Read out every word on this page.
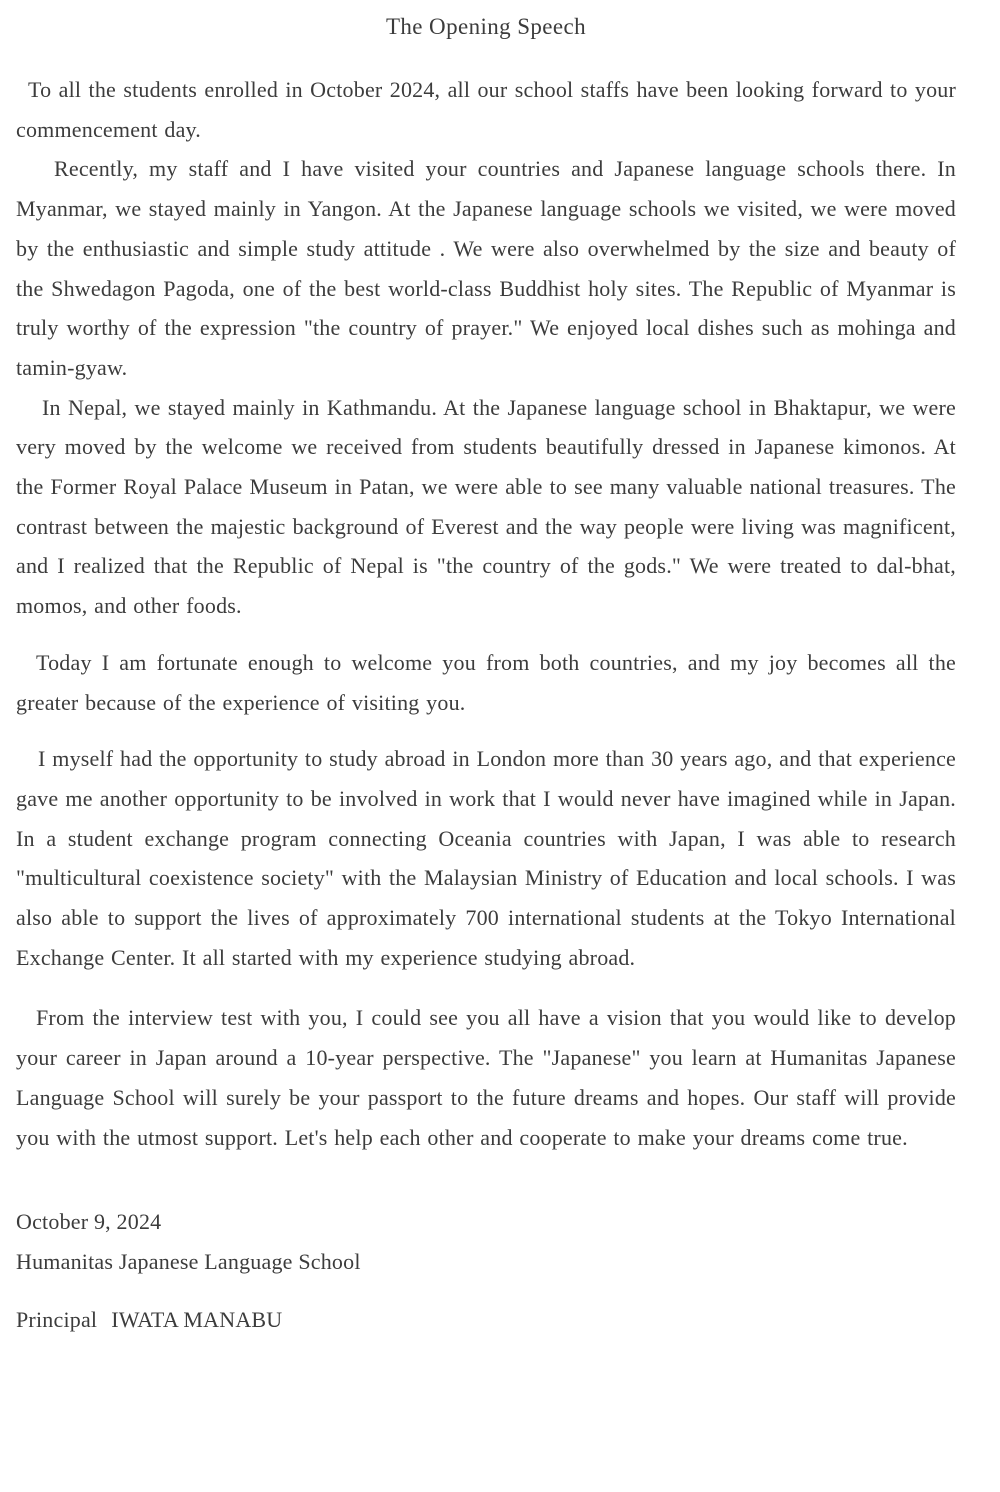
The Opening Speech

To all the students enrolled in October 2024, all our school staffs have been looking forward to your commencement day.

Recently, my staff and I have visited your countries and Japanese language schools there. In Myanmar, we stayed mainly in Yangon. At the Japanese language schools we visited, we were moved by the enthusiastic and simple study attitude . We were also overwhelmed by the size and beauty of the Shwedagon Pagoda, one of the best world-class Buddhist holy sites. The Republic of Myanmar is truly worthy of the expression "the country of prayer." We enjoyed local dishes such as mohinga and tamin-gyaw.

In Nepal, we stayed mainly in Kathmandu. At the Japanese language school in Bhaktapur, we were very moved by the welcome we received from students beautifully dressed in Japanese kimonos. At the Former Royal Palace Museum in Patan, we were able to see many valuable national treasures. The contrast between the majestic background of Everest and the way people were living was magnificent, and I realized that the Republic of Nepal is "the country of the gods." We were treated to dal-bhat, momos, and other foods.

Today I am fortunate enough to welcome you from both countries, and my joy becomes all the greater because of the experience of visiting you.

I myself had the opportunity to study abroad in London more than 30 years ago, and that experience gave me another opportunity to be involved in work that I would never have imagined while in Japan. In a student exchange program connecting Oceania countries with Japan, I was able to research "multicultural coexistence society" with the Malaysian Ministry of Education and local schools. I was also able to support the lives of approximately 700 international students at the Tokyo International Exchange Center. It all started with my experience studying abroad.

From the interview test with you, I could see you all have a vision that you would like to develop your career in Japan around a 10-year perspective. The "Japanese" you learn at Humanitas Japanese Language School will surely be your passport to the future dreams and hopes. Our staff will provide you with the utmost support. Let's help each other and cooperate to make your dreams come true.

October 9, 2024

Humanitas Japanese Language School

Principal IWATA MANABU
